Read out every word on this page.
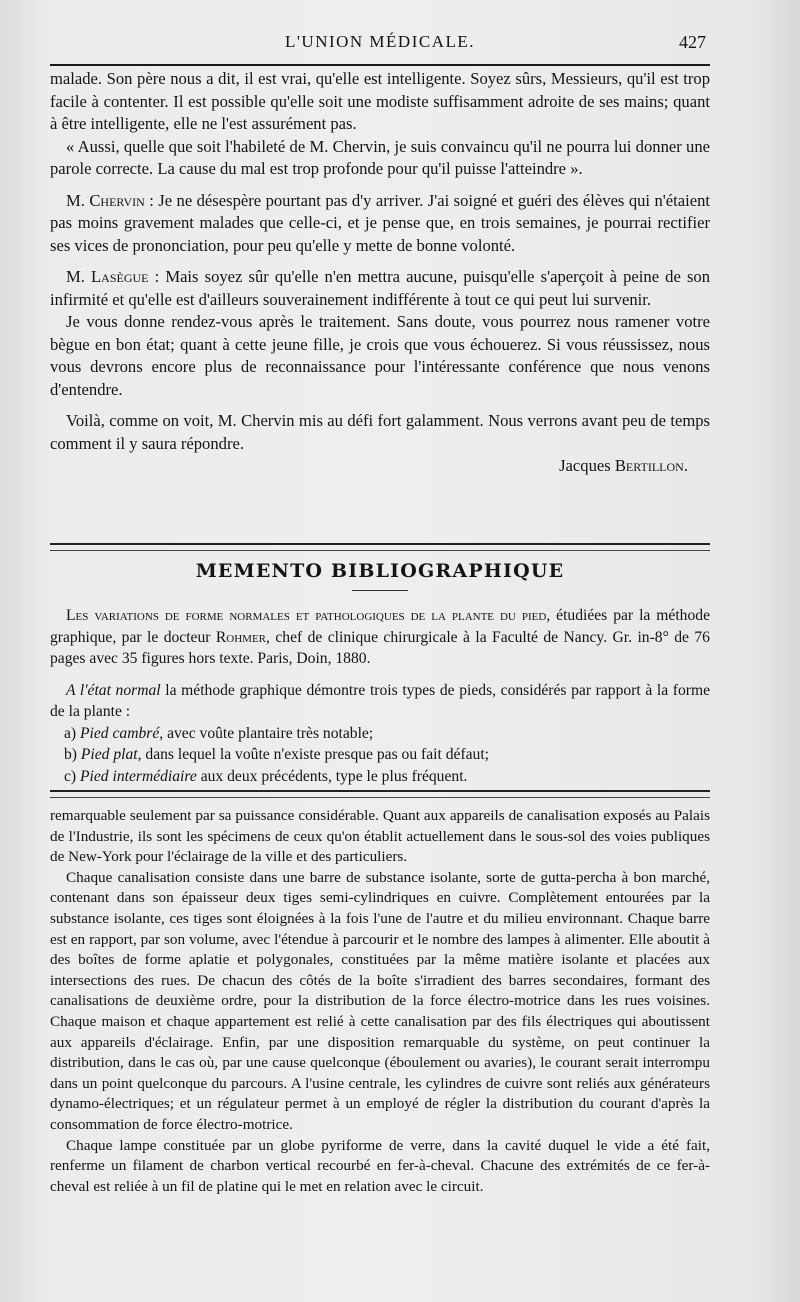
L'UNION MÉDICALE.	427

malade. Son père nous a dit, il est vrai, qu'elle est intelligente. Soyez sûrs, Messieurs, qu'il est trop facile à contenter. Il est possible qu'elle soit une modiste suffisamment adroite de ses mains; quant à être intelligente, elle ne l'est assurément pas.

« Aussi, quelle que soit l'habileté de M. Chervin, je suis convaincu qu'il ne pourra lui donner une parole correcte. La cause du mal est trop profonde pour qu'il puisse l'atteindre ».

M. Chervin : Je ne désespère pourtant pas d'y arriver. J'ai soigné et guéri des élèves qui n'étaient pas moins gravement malades que celle-ci, et je pense que, en trois semaines, je pourrai rectifier ses vices de prononciation, pour peu qu'elle y mette de bonne volonté.

M. Lasègue : Mais soyez sûr qu'elle n'en mettra aucune, puisqu'elle s'aperçoit à peine de son infirmité et qu'elle est d'ailleurs souverainement indifférente à tout ce qui peut lui survenir.

Je vous donne rendez-vous après le traitement. Sans doute, vous pourrez nous ramener votre bègue en bon état; quant à cette jeune fille, je crois que vous échouerez. Si vous réussissez, nous vous devrons encore plus de reconnaissance pour l'intéressante conférence que nous venons d'entendre.

Voilà, comme on voit, M. Chervin mis au défi fort galamment. Nous verrons avant peu de temps comment il y saura répondre.

Jacques Bertillon.

MEMENTO BIBLIOGRAPHIQUE

Les variations de forme normales et pathologiques de la plante du pied, étudiées par la méthode graphique, par le docteur Rohmer, chef de clinique chirurgicale à la Faculté de Nancy. Gr. in-8° de 76 pages avec 35 figures hors texte. Paris, Doin, 1880.

A l'état normal la méthode graphique démontre trois types de pieds, considérés par rapport à la forme de la plante :

a) Pied cambré, avec voûte plantaire très notable;

b) Pied plat, dans lequel la voûte n'existe presque pas ou fait défaut;

c) Pied intermédiaire aux deux précédents, type le plus fréquent.

remarquable seulement par sa puissance considérable. Quant aux appareils de canalisation exposés au Palais de l'Industrie, ils sont les spécimens de ceux qu'on établit actuellement dans le sous-sol des voies publiques de New-York pour l'éclairage de la ville et des particuliers.

Chaque canalisation consiste dans une barre de substance isolante, sorte de gutta-percha à bon marché, contenant dans son épaisseur deux tiges semi-cylindriques en cuivre. Complètement entourées par la substance isolante, ces tiges sont éloignées à la fois l'une de l'autre et du milieu environnant. Chaque barre est en rapport, par son volume, avec l'étendue à parcourir et le nombre des lampes à alimenter. Elle aboutit à des boîtes de forme aplatie et polygonales, constituées par la même matière isolante et placées aux intersections des rues. De chacun des côtés de la boîte s'irradient des barres secondaires, formant des canalisations de deuxième ordre, pour la distribution de la force électro-motrice dans les rues voisines. Chaque maison et chaque appartement est relié à cette canalisation par des fils électriques qui aboutissent aux appareils d'éclairage. Enfin, par une disposition remarquable du système, on peut continuer la distribution, dans le cas où, par une cause quelconque (éboulement ou avaries), le courant serait interrompu dans un point quelconque du parcours. A l'usine centrale, les cylindres de cuivre sont reliés aux générateurs dynamo-électriques; et un régulateur permet à un employé de régler la distribution du courant d'après la consommation de force électro-motrice.

Chaque lampe constituée par un globe pyriforme de verre, dans la cavité duquel le vide a été fait, renferme un filament de charbon vertical recourbé en fer-à-cheval. Chacune des extrémités de ce fer-à-cheval est reliée à un fil de platine qui le met en relation avec le circuit.
